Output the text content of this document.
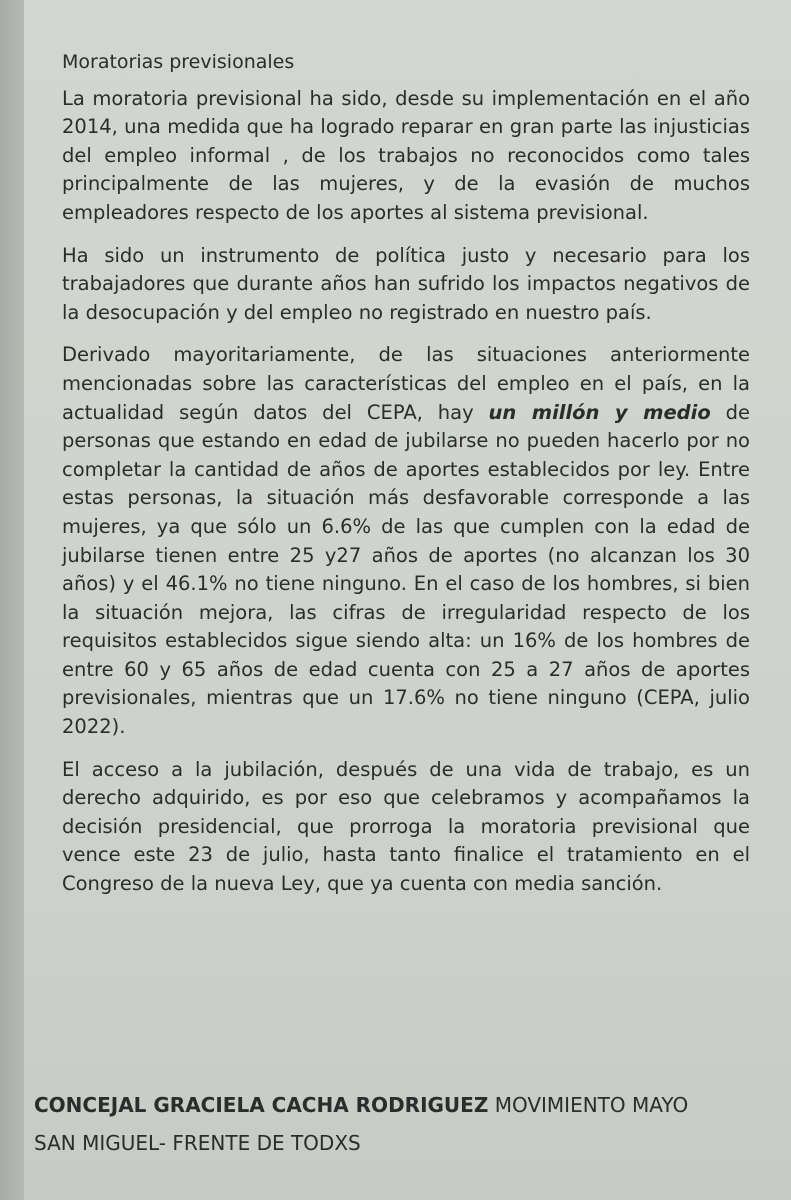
Moratorias previsionales

La moratoria previsional ha sido, desde su implementación en el año 2014, una medida que ha logrado reparar en gran parte las injusticias del empleo informal , de los trabajos no reconocidos como tales principalmente de las mujeres, y de la evasión de muchos empleadores respecto de los aportes al sistema previsional.

Ha sido un instrumento de política justo y necesario para los trabajadores que durante años han sufrido los impactos negativos de la desocupación y del empleo no registrado en nuestro país.

Derivado mayoritariamente, de las situaciones anteriormente mencionadas sobre las características del empleo en el país, en la actualidad según datos del CEPA, hay un millón y medio de personas que estando en edad de jubilarse no pueden hacerlo por no completar la cantidad de años de aportes establecidos por ley. Entre estas personas, la situación más desfavorable corresponde a las mujeres, ya que sólo un 6.6% de las que cumplen con la edad de jubilarse tienen entre 25 y27 años de aportes (no alcanzan los 30 años) y el 46.1% no tiene ninguno. En el caso de los hombres, si bien la situación mejora, las cifras de irregularidad respecto de los requisitos establecidos sigue siendo alta: un 16% de los hombres de entre 60 y 65 años de edad cuenta con 25 a 27 años de aportes previsionales, mientras que un 17.6% no tiene ninguno (CEPA, julio 2022).

El acceso a la jubilación, después de una vida de trabajo, es un derecho adquirido, es por eso que celebramos y acompañamos la decisión presidencial, que prorroga la moratoria previsional que vence este 23 de julio, hasta tanto finalice el tratamiento en el Congreso de la nueva Ley, que ya cuenta con media sanción.

CONCEJAL GRACIELA CACHA RODRIGUEZ MOVIMIENTO MAYO
SAN MIGUEL- FRENTE DE TODXS
